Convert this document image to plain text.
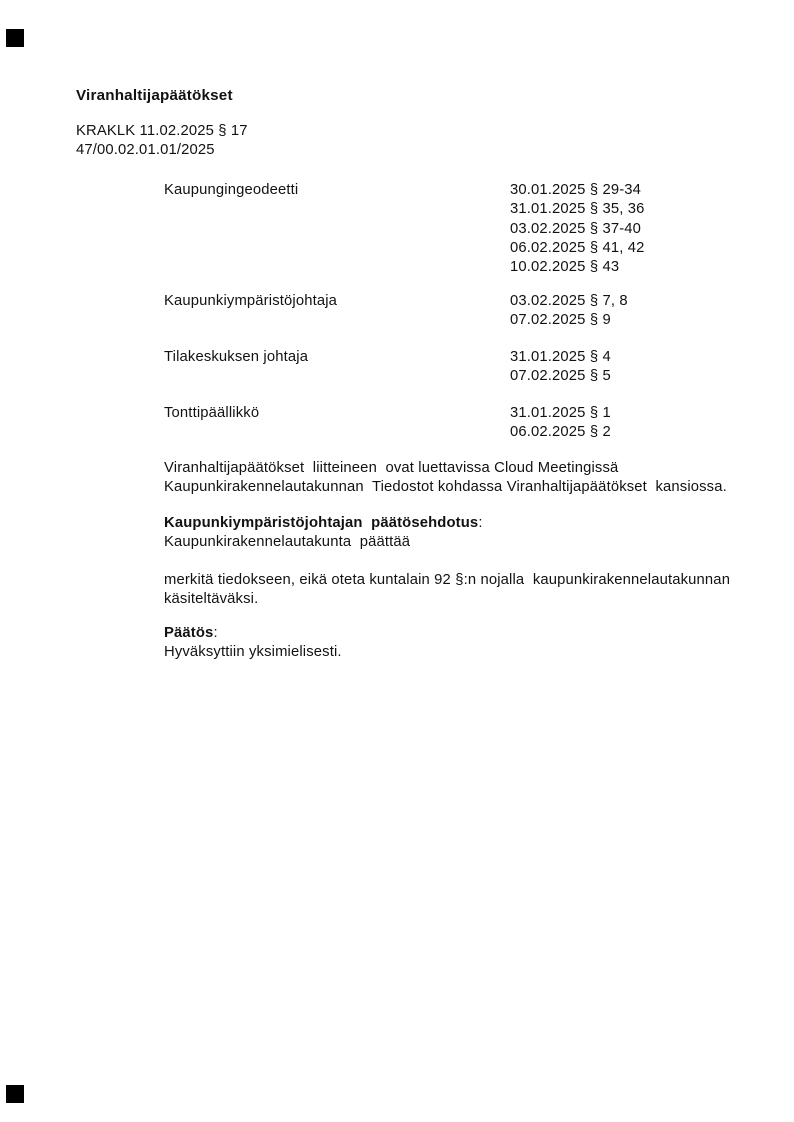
Viranhaltijapäätökset
KRAKLK 11.02.2025 § 17
47/00.02.01.01/2025
Kaupungingeodeetti	30.01.2025 § 29-34
31.01.2025 § 35, 36
03.02.2025 § 37-40
06.02.2025 § 41, 42
10.02.2025 § 43
Kaupunkiympäristöjohtaja	03.02.2025 § 7, 8
07.02.2025 § 9
Tilakeskuksen johtaja	31.01.2025 § 4
07.02.2025 § 5
Tonttipäällikkö	31.01.2025 § 1
06.02.2025 § 2
Viranhaltijapäätökset  liitteineen  ovat luettavissa Cloud Meetingissä
Kaupunkirakennelautakunnan  Tiedostot kohdassa Viranhaltijapäätökset  kansiossa.
Kaupunkiympäristöjohtajan  päätösehdotus:
Kaupunkirakennelautakunta  päättää
merkitä tiedokseen, eikä oteta kuntalain 92 §:n nojalla  kaupunkirakennelautakunnan
käsiteltäväksi.
Päätös:
Hyväksyttiin yksimielisesti.
